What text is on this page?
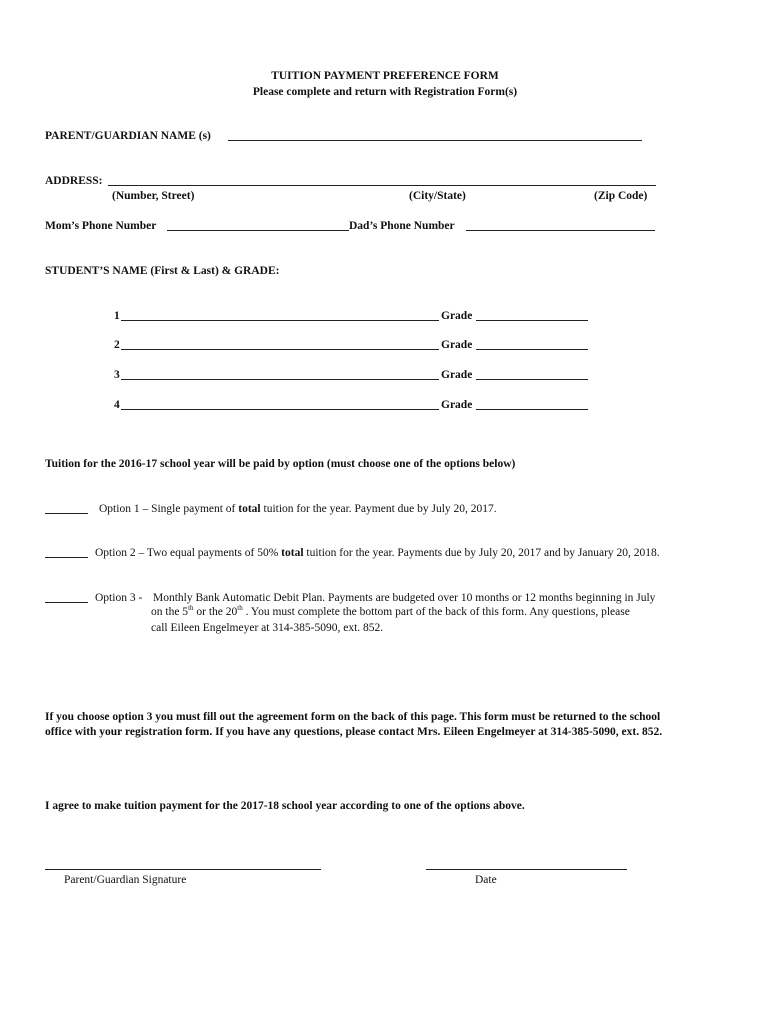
TUITION PAYMENT PREFERENCE FORM
Please complete and return with Registration Form(s)
PARENT/GUARDIAN NAME (s)
ADDRESS:
(Number, Street)	(City/State)	(Zip Code)
Mom’s Phone Number	Dad’s Phone Number
STUDENT’S NAME (First & Last) & GRADE:
1	Grade
2	Grade
3	Grade
4	Grade
Tuition for the 2016-17 school year will be paid by option (must choose one of the options below)
Option 1 – Single payment of total tuition for the year. Payment due by July 20, 2017.
Option 2 – Two equal payments of 50% total tuition for the year. Payments due by July 20, 2017 and by January 20, 2018.
Option 3 - Monthly Bank Automatic Debit Plan. Payments are budgeted over 10 months or 12 months beginning in July
on the 5th or the 20th . You must complete the bottom part of the back of this form. Any questions, please
call Eileen Engelmeyer at 314-385-5090, ext. 852.
If you choose option 3 you must fill out the agreement form on the back of this page. This form must be returned to the school
office with your registration form. If you have any questions, please contact Mrs. Eileen Engelmeyer at 314-385-5090, ext. 852.
I agree to make tuition payment for the 2017-18 school year according to one of the options above.
Parent/Guardian Signature	Date
